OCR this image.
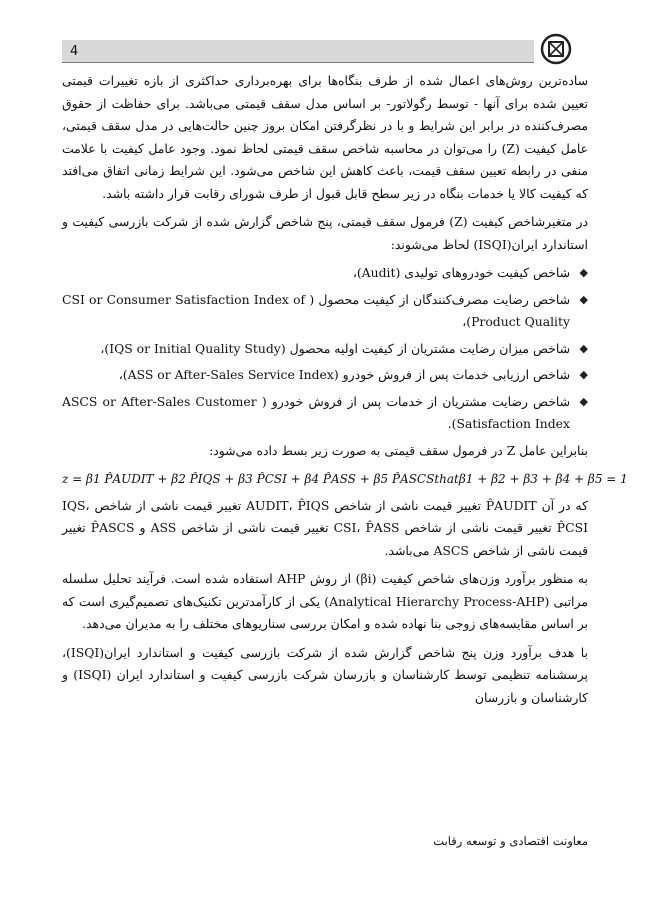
4

ساده‌ترین روش‌های اعمال شده از طرف بنگاه‌ها برای بهره‌برداری حداکثری از بازه تغییرات قیمتی تعیین شده برای آنها - توسط رگولاتور- بر اساس مدل سقف قیمتی می‌باشد. برای حفاظت از حقوق مصرف‌کننده در برابر این شرایط و با در نظرگرفتن امکان بروز چنین حالت‌هایی در مدل سقف قیمتی، عامل کیفیت (Z) را می‌توان در محاسبه شاخص سقف قیمتی لحاظ نمود. وجود عامل کیفیت با علامت منفی در رابطه تعیین سقف قیمت، باعث کاهش این شاخص می‌شود. این شرایط زمانی اتفاق می‌افتد که کیفیت کالا یا خدمات بنگاه در زیر سطح قابل قبول از طرف شورای رقابت قرار داشته باشد.

در متغیرشاخص کیفیت (Z) فرمول سقف قیمتی، پنج شاخص گزارش شده از شرکت بازرسی کیفیت و استاندارد ایران(ISQI) لحاظ می‌شوند:

◆ شاخص کیفیت خودروهای تولیدی (Audit)،
◆ شاخص رضایت مصرف‌کنندگان از کیفیت محصول ( CSI or Consumer Satisfaction Index of Product Quality)،
◆ شاخص میزان رضایت مشتریان از کیفیت اولیه محصول (IQS or Initial Quality Study)،
◆ شاخص ارزیابی خدمات پس از فروش خودرو (ASS or After-Sales Service Index)،
◆ شاخص رضایت مشتریان از خدمات پس از فروش خودرو ( ASCS or After-Sales Customer Satisfaction Index).

بنابراین عامل Z در فرمول سقف قیمتی به صورت زیر بسط داده می‌شود:

z = β1 P̂AUDIT + β2 P̂IQS + β3 P̂CSI + β4 P̂ASS + β5 P̂ASCS that β1 + β2 + β3 + β4 + β5 = 1

که در آن P̂AUDIT تغییر قیمت ناشی از شاخص AUDIT، P̂IQS تغییر قیمت ناشی از شاخص IQS، P̂CSI تغییر قیمت ناشی از شاخص CSI، P̂ASS تغییر قیمت ناشی از شاخص ASS و P̂ASCS تغییر قیمت ناشی از شاخص ASCS می‌باشد.

به منظور برآورد وزن‌های شاخص کیفیت (βi) از روش AHP استفاده شده است. فرآیند تحلیل سلسله مراتبی (Analytical Hierarchy Process-AHP) یکی از کارآمدترین تکنیک‌های تصمیم‌گیری است که بر اساس مقایسه‌های زوجی بنا نهاده شده و امکان بررسی سناریوهای مختلف را به مدیران می‌دهد.

با هدف برآورد وزن پنج شاخص گزارش شده از شرکت بازرسی کیفیت و استاندارد ایران(ISQI)، پرسشنامه تنظیمی توسط کارشناسان و بازرسان شرکت بازرسی کیفیت و استاندارد ایران (ISQI) و کارشناسان و بازرسان

معاونت اقتصادی و توسعه رقابت
